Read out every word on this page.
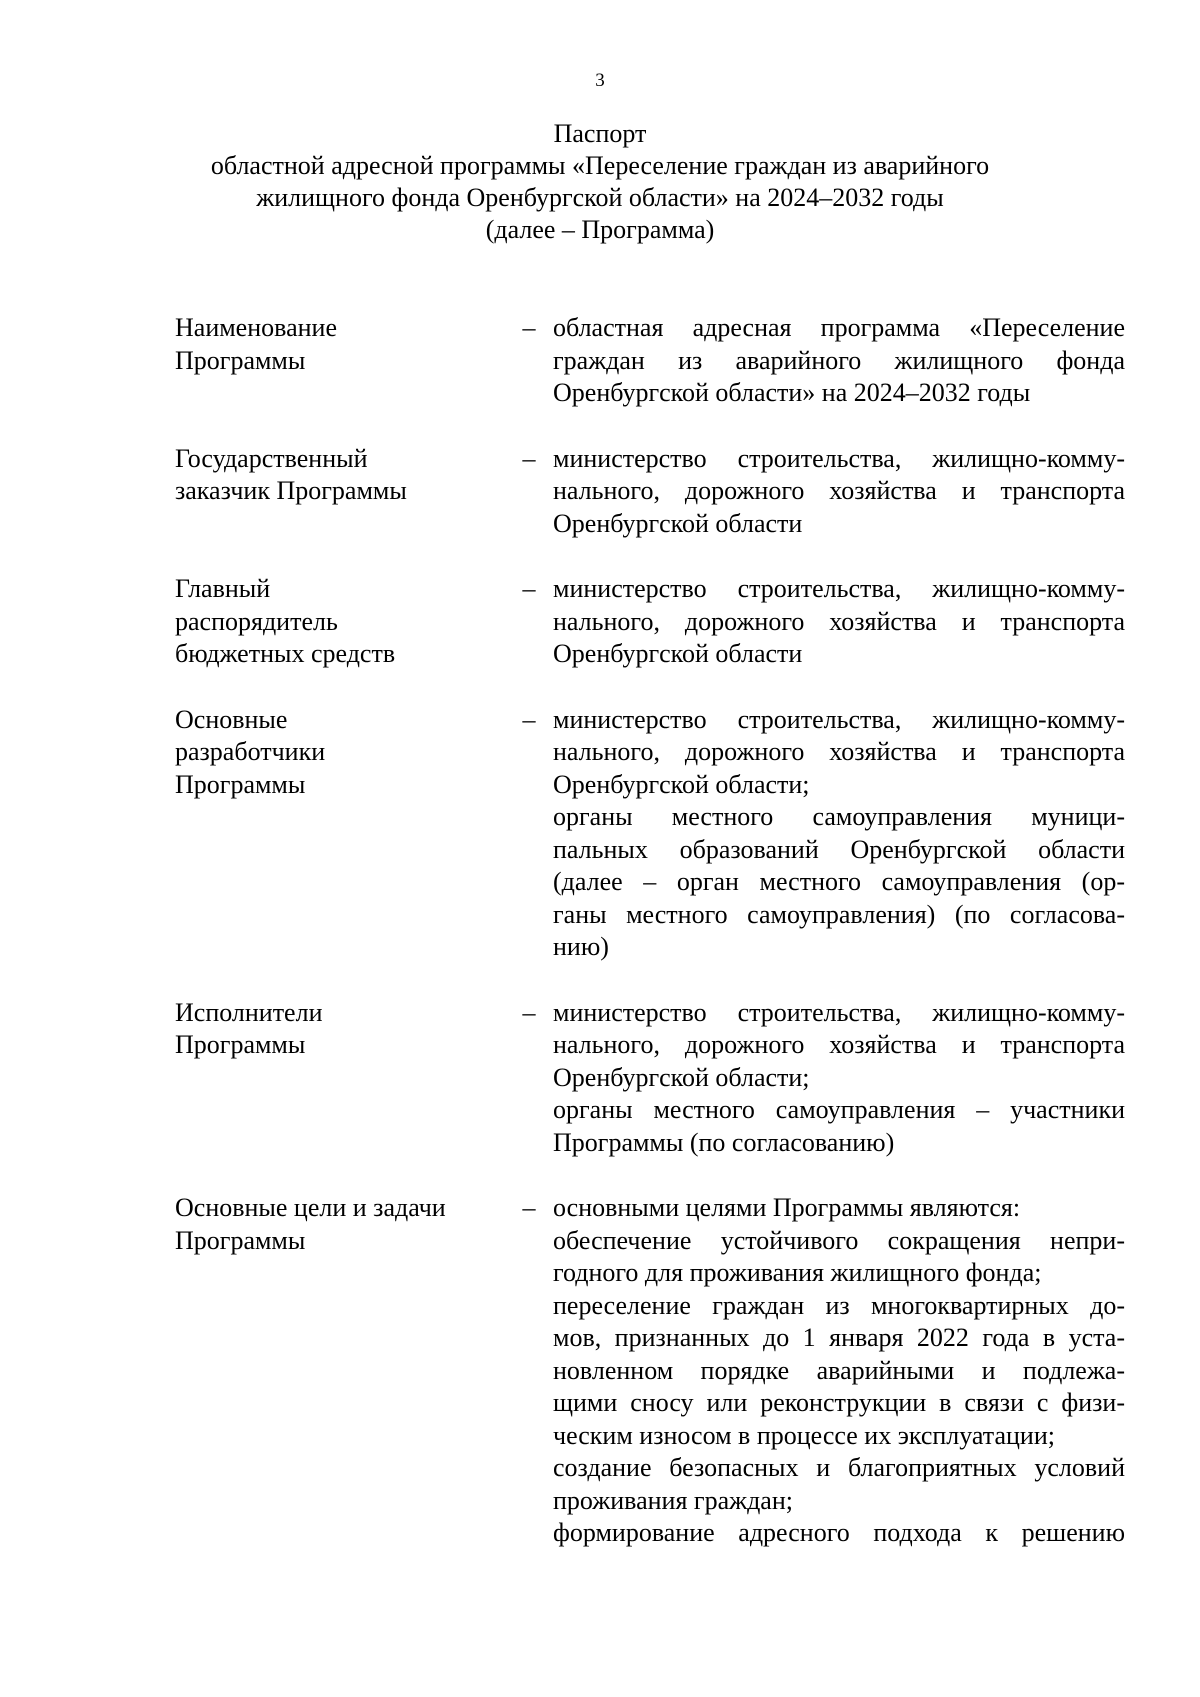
3
Паспорт
областной адресной программы «Переселение граждан из аварийного
жилищного фонда Оренбургской области» на 2024–2032 годы
(далее – Программа)
Наименование
Программы
– областная адресная программа «Переселение
граждан из аварийного жилищного фонда
Оренбургской области» на 2024–2032 годы
Государственный
заказчик Программы
– министерство строительства, жилищно-комму-
нального, дорожного хозяйства и транспорта
Оренбургской области
Главный
распорядитель
бюджетных средств
– министерство строительства, жилищно-комму-
нального, дорожного хозяйства и транспорта
Оренбургской области
Основные
разработчики
Программы
– министерство строительства, жилищно-комму-
нального, дорожного хозяйства и транспорта
Оренбургской области;
органы местного самоуправления муници-
пальных образований Оренбургской области
(далее – орган местного самоуправления (ор-
ганы местного самоуправления) (по согласова-
нию)
Исполнители
Программы
– министерство строительства, жилищно-комму-
нального, дорожного хозяйства и транспорта
Оренбургской области;
органы местного самоуправления – участники
Программы (по согласованию)
Основные цели и задачи
Программы
– основными целями Программы являются:
обеспечение устойчивого сокращения непри-
годного для проживания жилищного фонда;
переселение граждан из многоквартирных до-
мов, признанных до 1 января 2022 года в уста-
новленном порядке аварийными и подлежа-
щими сносу или реконструкции в связи с физи-
ческим износом в процессе их эксплуатации;
создание безопасных и благоприятных условий
проживания граждан;
формирование адресного подхода к решению
